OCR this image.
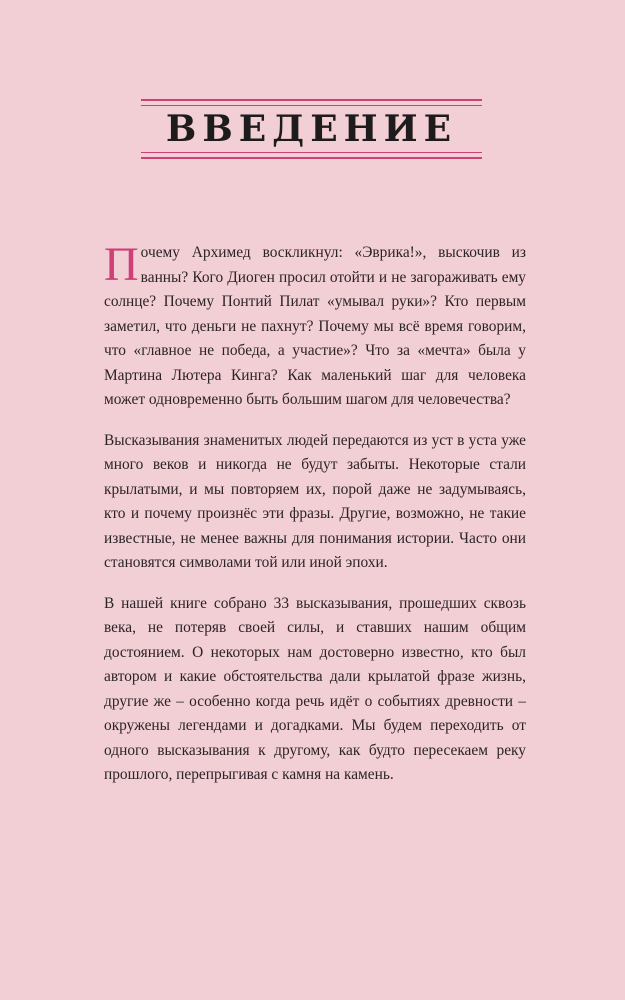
ВВЕДЕНИЕ

Почему Архимед воскликнул: «Эврика!», выскочив из ванны? Кого Диоген просил отойти и не загораживать ему солнце? Почему Понтий Пилат «умывал руки»? Кто первым заметил, что деньги не пахнут? Почему мы всё время говорим, что «главное не победа, а участие»? Что за «мечта» была у Мартина Лютера Кинга? Как маленький шаг для человека может одновременно быть большим шагом для человечества?

Высказывания знаменитых людей передаются из уст в уста уже много веков и никогда не будут забыты. Некоторые стали крылатыми, и мы повторяем их, порой даже не задумываясь, кто и почему произнёс эти фразы. Другие, возможно, не такие известные, не менее важны для понимания истории. Часто они становятся символами той или иной эпохи.

В нашей книге собрано 33 высказывания, прошедших сквозь века, не потеряв своей силы, и ставших нашим общим достоянием. О некоторых нам достоверно известно, кто был автором и какие обстоятельства дали крылатой фразе жизнь, другие же – особенно когда речь идёт о событиях древности – окружены легендами и догадками. Мы будем переходить от одного высказывания к другому, как будто пересекаем реку прошлого, перепрыгивая с камня на камень.
